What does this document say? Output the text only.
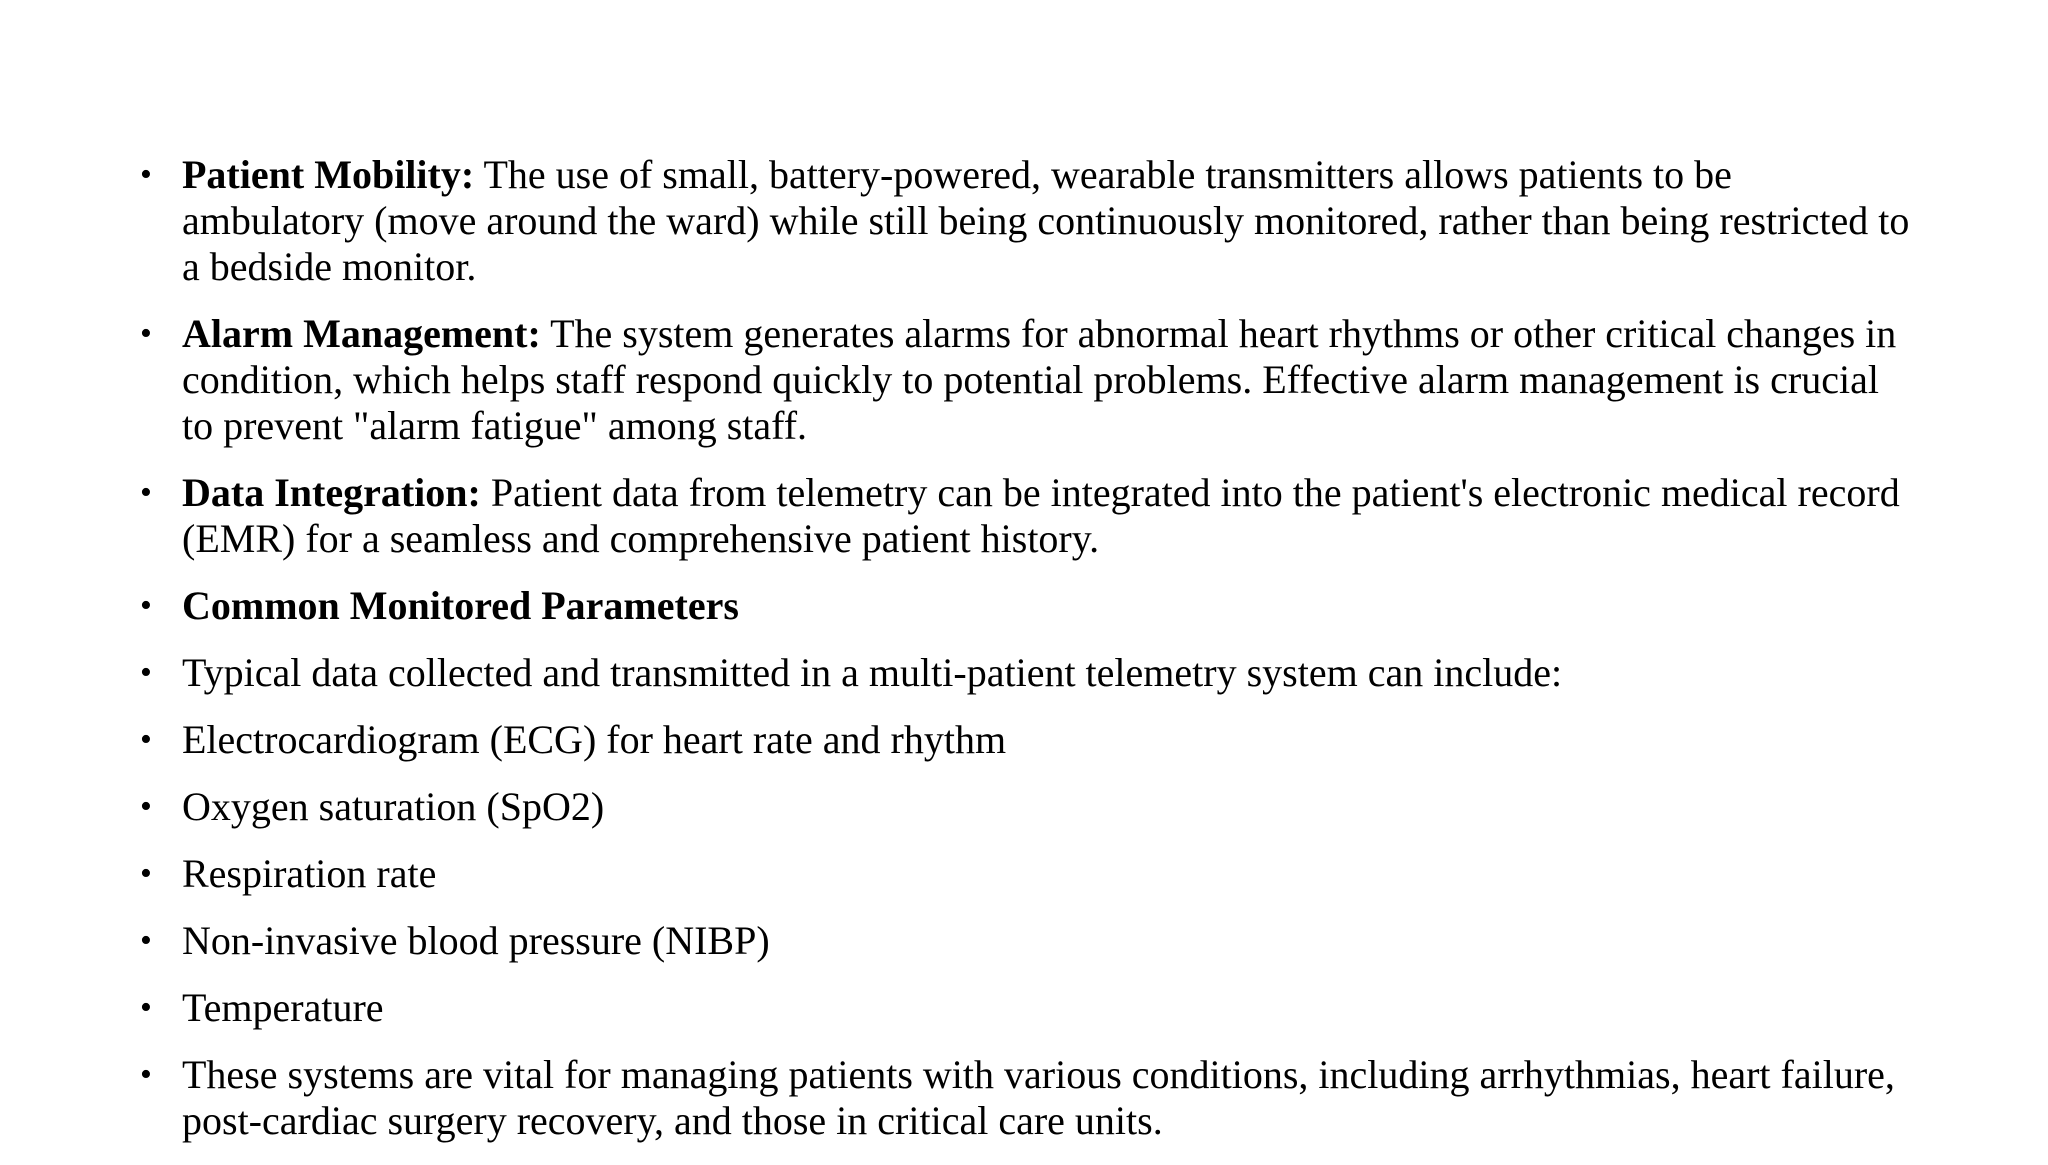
• Patient Mobility: The use of small, battery-powered, wearable transmitters allows patients to be ambulatory (move around the ward) while still being continuously monitored, rather than being restricted to a bedside monitor.
• Alarm Management: The system generates alarms for abnormal heart rhythms or other critical changes in condition, which helps staff respond quickly to potential problems. Effective alarm management is crucial to prevent "alarm fatigue" among staff.
• Data Integration: Patient data from telemetry can be integrated into the patient's electronic medical record (EMR) for a seamless and comprehensive patient history.
• Common Monitored Parameters
• Typical data collected and transmitted in a multi-patient telemetry system can include:
• Electrocardiogram (ECG) for heart rate and rhythm
• Oxygen saturation (SpO2)
• Respiration rate
• Non-invasive blood pressure (NIBP)
• Temperature
• These systems are vital for managing patients with various conditions, including arrhythmias, heart failure, post-cardiac surgery recovery, and those in critical care units.
